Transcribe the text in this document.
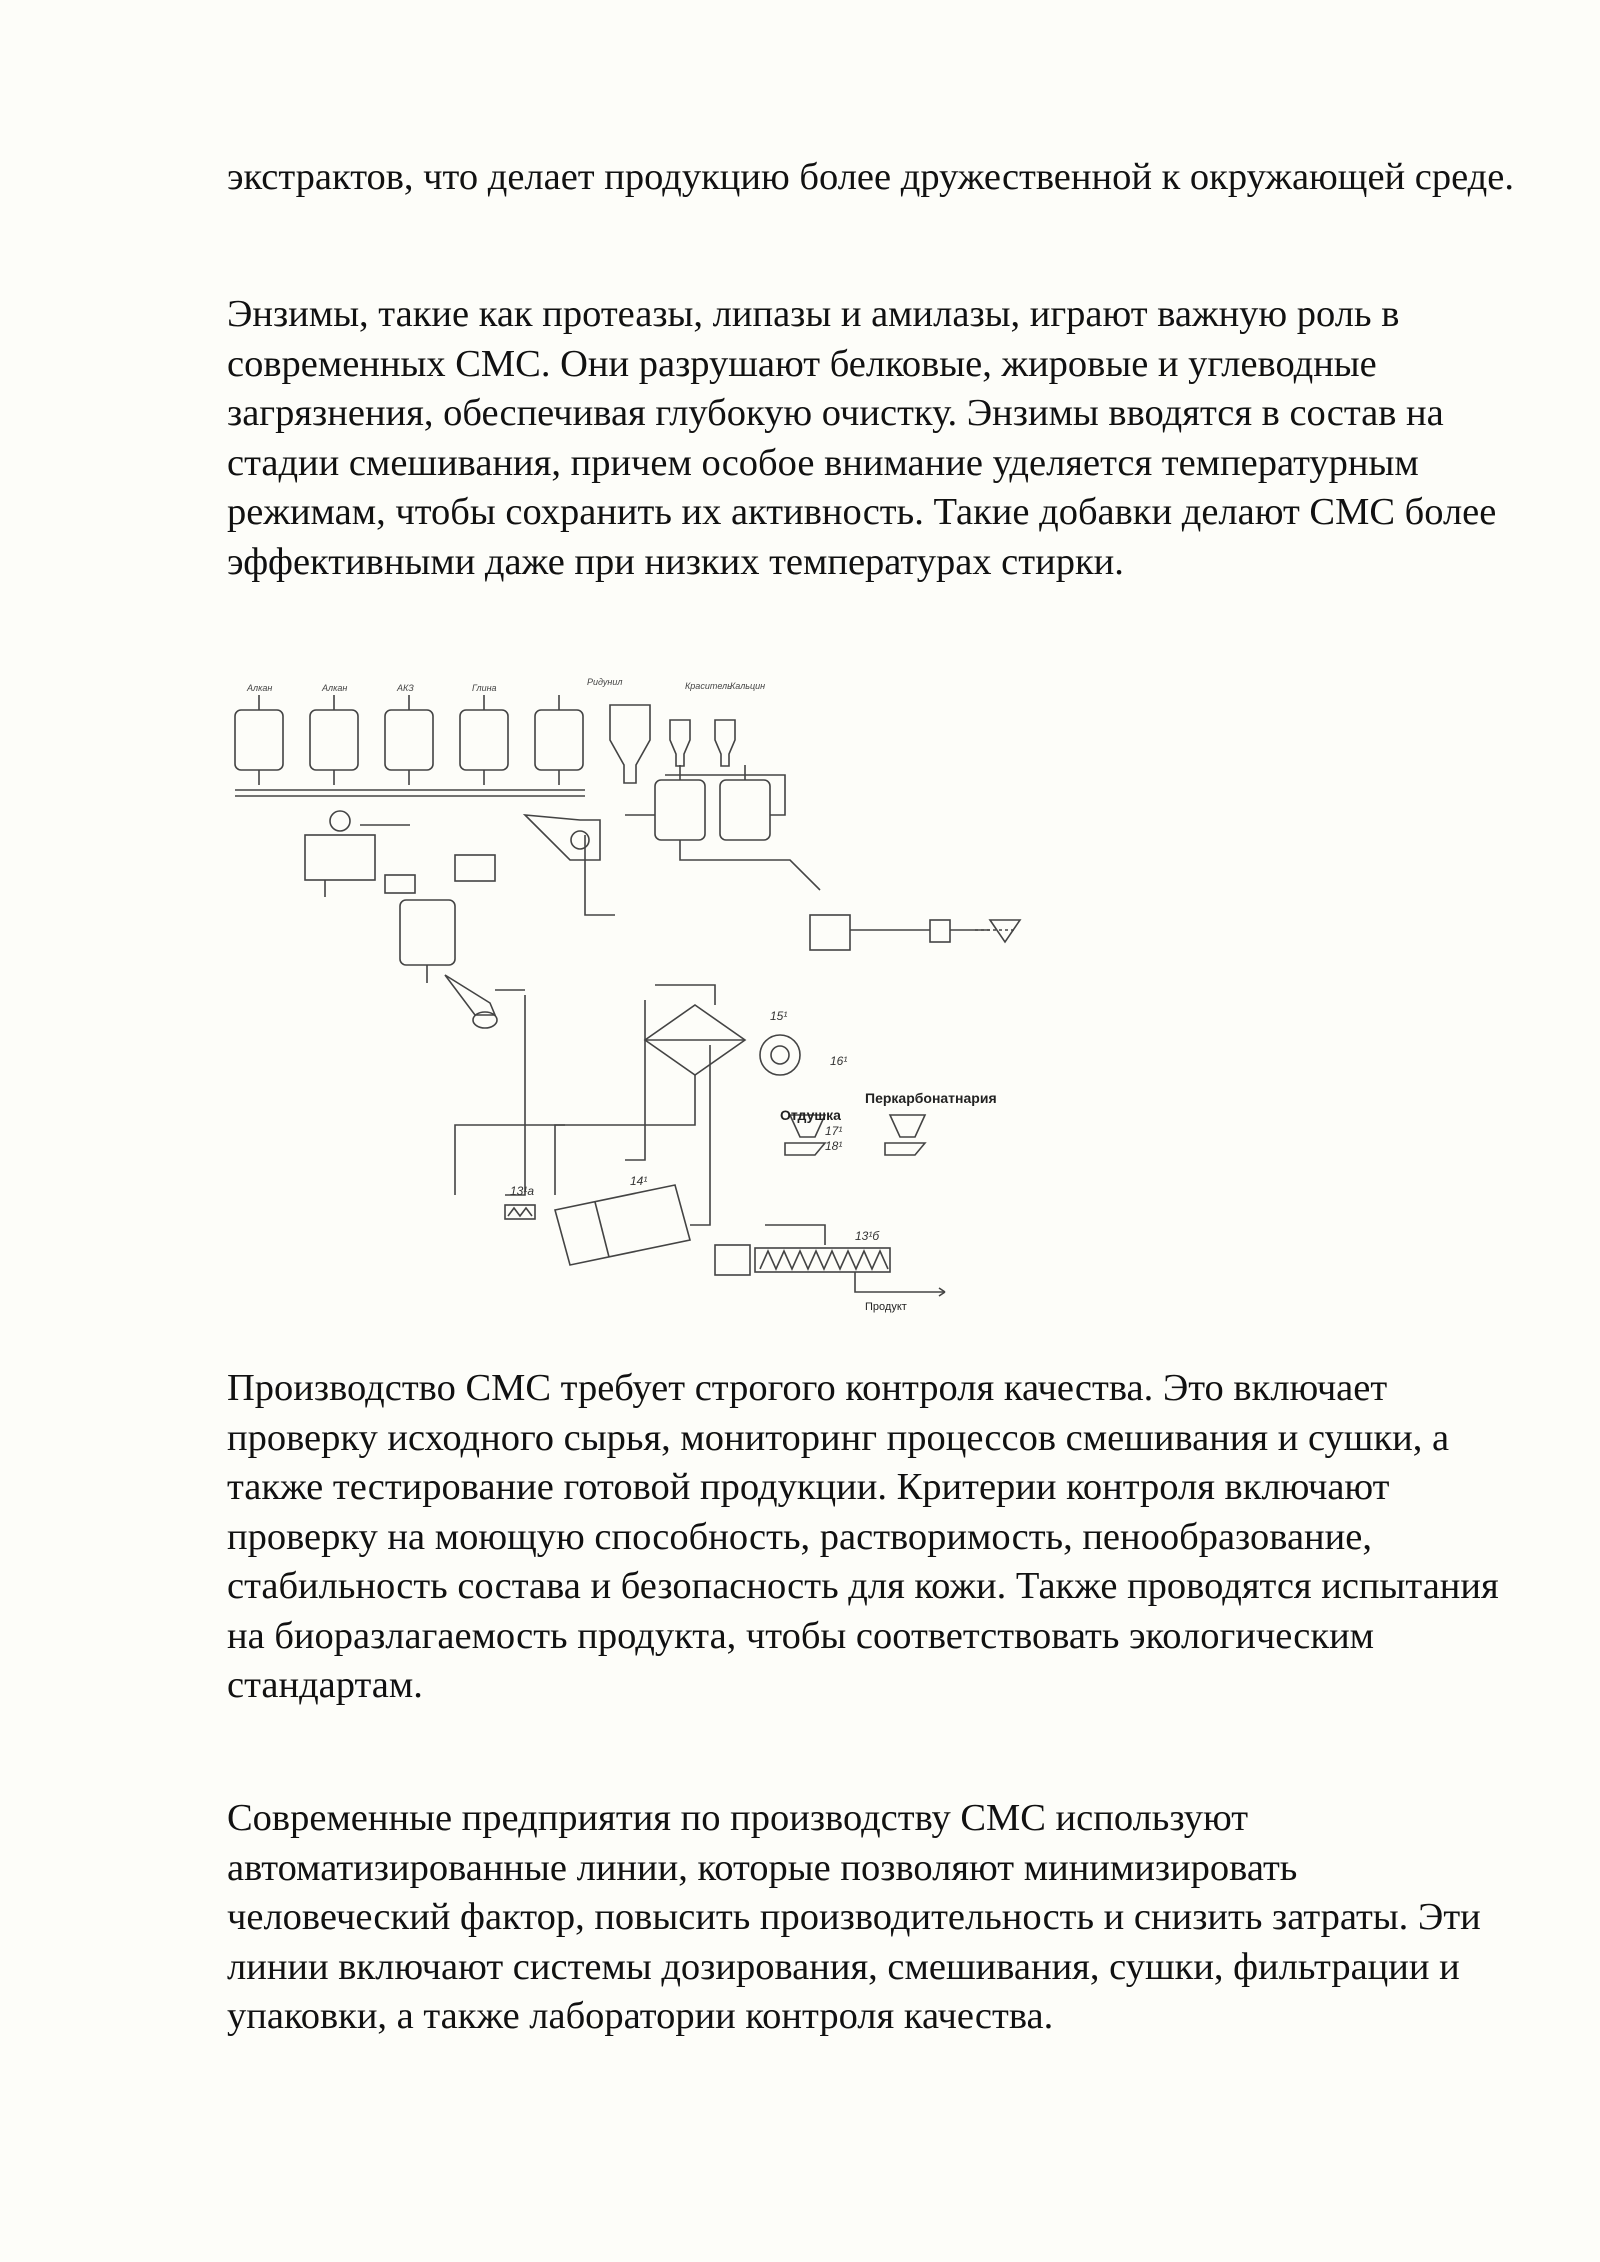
экстрактов, что делает продукцию более дружественной к окружающей среде.

Энзимы, такие как протеазы, липазы и амилазы, играют важную роль в современных СМС. Они разрушают белковые, жировые и углеводные загрязнения, обеспечивая глубокую очистку. Энзимы вводятся в состав на стадии смешивания, причем особое внимание уделяется температурным режимам, чтобы сохранить их активность. Такие добавки делают СМС более эффективными даже при низких температурах стирки.

Алкан	Алкан	АКЗ	Глина
Ридунил	Краситель
Кальцин
Отдушка
Перкарбонатнария
Продукт
15¹
16¹
17¹
18¹
13¹а
14¹
13¹б

Производство СМС требует строгого контроля качества. Это включает проверку исходного сырья, мониторинг процессов смешивания и сушки, а также тестирование готовой продукции. Критерии контроля включают проверку на моющую способность, растворимость, пенообразование, стабильность состава и безопасность для кожи. Также проводятся испытания на биоразлагаемость продукта, чтобы соответствовать экологическим стандартам.

Современные предприятия по производству СМС используют автоматизированные линии, которые позволяют минимизировать человеческий фактор, повысить производительность и снизить затраты. Эти линии включают системы дозирования, смешивания, сушки, фильтрации и упаковки, а также лаборатории контроля качества.
